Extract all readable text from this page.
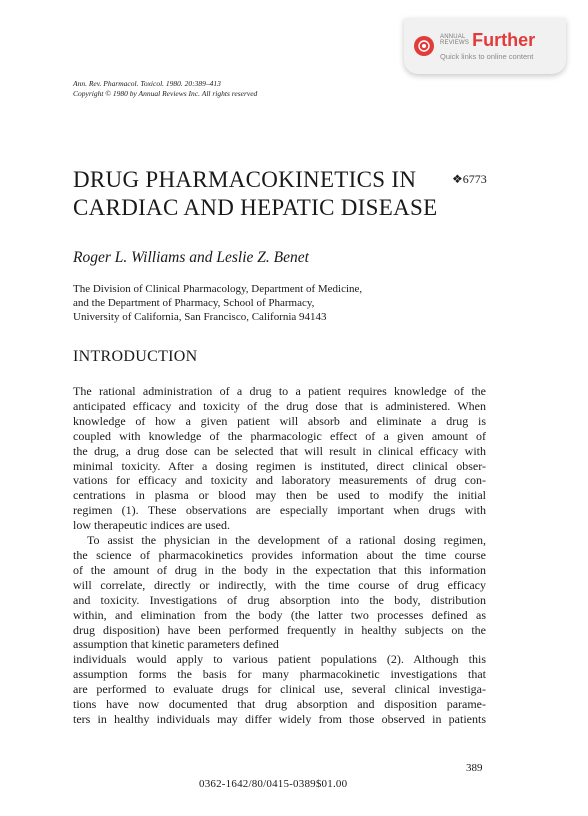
ANNUAL
REVIEWS Further
Quick links to online content
Ann. Rev. Pharmacol. Toxicol. 1980. 20:389–413
Copyright © 1980 by Annual Reviews Inc. All rights reserved
DRUG PHARMACOKINETICS IN
CARDIAC AND HEPATIC DISEASE
❖6773
Roger L. Williams and Leslie Z. Benet
The Division of Clinical Pharmacology, Department of Medicine,
and the Department of Pharmacy, School of Pharmacy,
University of California, San Francisco, California 94143
INTRODUCTION

The rational administration of a drug to a patient requires knowledge of the
anticipated efficacy and toxicity of the drug dose that is administered. When
knowledge of how a given patient will absorb and eliminate a drug is
coupled with knowledge of the pharmacologic effect of a given amount of
the drug, a drug dose can be selected that will result in clinical efficacy with
minimal toxicity. After a dosing regimen is instituted, direct clinical obser-
vations for efficacy and toxicity and laboratory measurements of drug con-
centrations in plasma or blood may then be used to modify the initial
regimen (1). These observations are especially important when drugs with
low therapeutic indices are used.

To assist the physician in the development of a rational dosing regimen,
the science of pharmacokinetics provides information about the time course
of the amount of drug in the body in the expectation that this information
will correlate, directly or indirectly, with the time course of drug efficacy
and toxicity. Investigations of drug absorption into the body, distribution
within, and elimination from the body (the latter two processes defined as
drug disposition) have been performed frequently in healthy subjects on the
assumption that kinetic parameters defined
individuals would apply to various patient populations (2). Although this
assumption forms the basis for many pharmacokinetic investigations that
are performed to evaluate drugs for clinical use, several clinical investiga-
tions have now documented that drug absorption and disposition parame-
ters in healthy individuals may differ widely from those observed in patients

389
0362-1642/80/0415-0389$01.00
